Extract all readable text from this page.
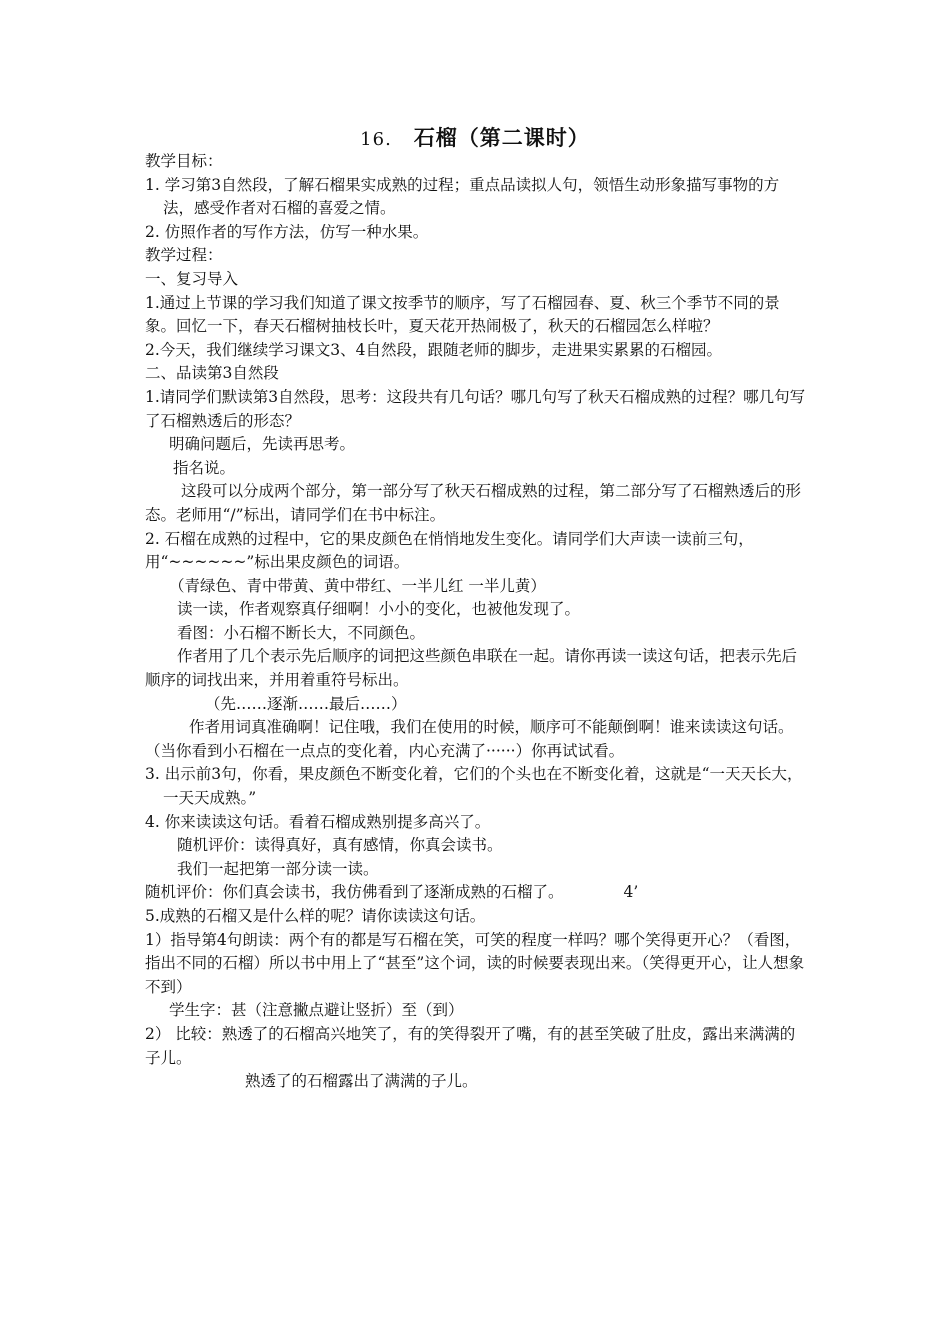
16. 石榴（第二课时）

教学目标：

1. 学习第3自然段，了解石榴果实成熟的过程；重点品读拟人句，领悟生动形象描写事物的方法，感受作者对石榴的喜爱之情。

2. 仿照作者的写作方法，仿写一种水果。

教学过程：

一、复习导入

1.通过上节课的学习我们知道了课文按季节的顺序，写了石榴园春、夏、秋三个季节不同的景象。回忆一下，春天石榴树抽枝长叶，夏天花开热闹极了，秋天的石榴园怎么样啦？

2.今天，我们继续学习课文3、4自然段，跟随老师的脚步，走进果实累累的石榴园。

二、品读第3自然段

1.请同学们默读第3自然段，思考：这段共有几句话？哪几句写了秋天石榴成熟的过程？哪几句写了石榴熟透后的形态？

明确问题后，先读再思考。

指名说。

这段可以分成两个部分，第一部分写了秋天石榴成熟的过程，第二部分写了石榴熟透后的形态。老师用“/”标出，请同学们在书中标注。

2. 石榴在成熟的过程中，它的果皮颜色在悄悄地发生变化。请同学们大声读一读前三句，用“~~~~~~”标出果皮颜色的词语。

（青绿色、青中带黄、黄中带红、一半儿红 一半儿黄）

读一读，作者观察真仔细啊！小小的变化，也被他发现了。

看图：小石榴不断长大，不同颜色。

作者用了几个表示先后顺序的词把这些颜色串联在一起。请你再读一读这句话，把表示先后顺序的词找出来，并用着重符号标出。

（先……逐渐……最后……）

作者用词真准确啊！记住哦，我们在使用的时候，顺序可不能颠倒啊！谁来读读这句话。（当你看到小石榴在一点点的变化着，内心充满了······）你再试试看。

3. 出示前3句，你看，果皮颜色不断变化着，它们的个头也在不断变化着，这就是“一天天长大，一天天成熟。”

4. 你来读读这句话。看着石榴成熟别提多高兴了。

随机评价：读得真好，真有感情，你真会读书。

我们一起把第一部分读一读。

随机评价：你们真会读书，我仿佛看到了逐渐成熟的石榴了。	4’

5.成熟的石榴又是什么样的呢？请你读读这句话。

1）指导第4句朗读：两个有的都是写石榴在笑，可笑的程度一样吗？哪个笑得更开心？（看图，指出不同的石榴）所以书中用上了“甚至”这个词，读的时候要表现出来。（笑得更开心，让人想象不到）

学生字：甚（注意撇点避让竖折）至（到）

2） 比较：熟透了的石榴高兴地笑了，有的笑得裂开了嘴，有的甚至笑破了肚皮，露出来满满的子儿。

熟透了的石榴露出了满满的子儿。
